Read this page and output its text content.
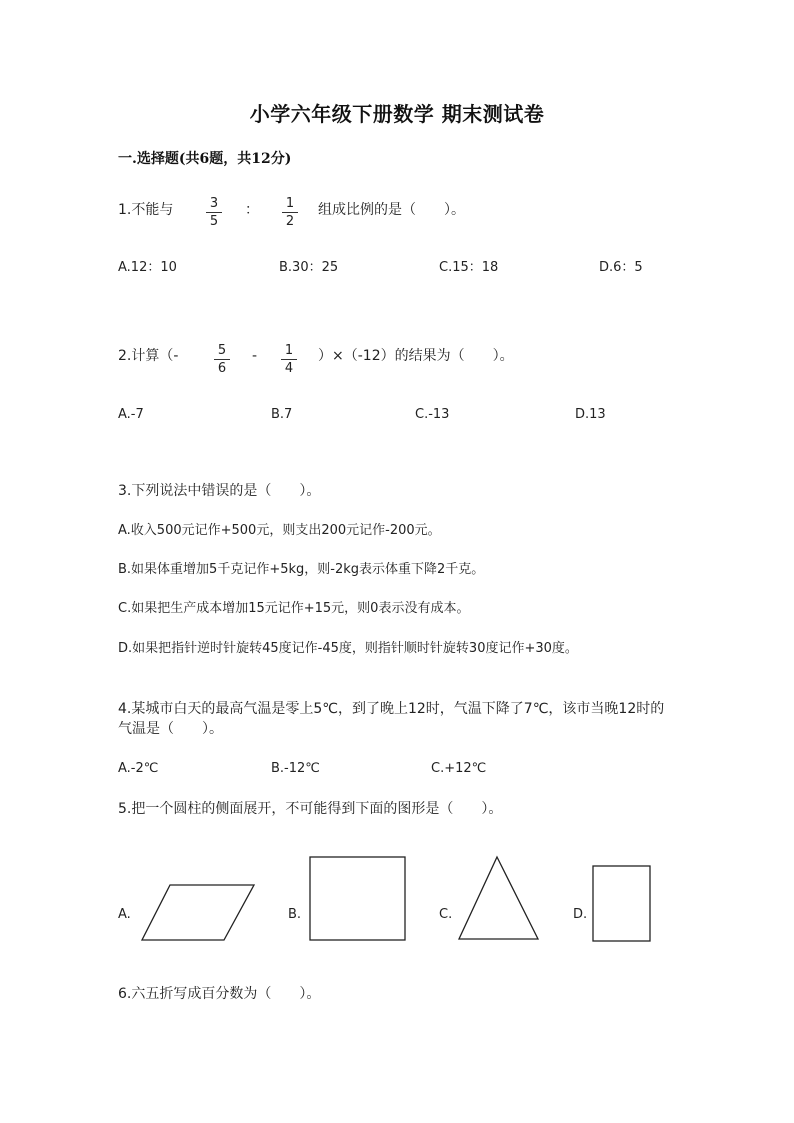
小学六年级下册数学 期末测试卷
一.选择题(共6题，共12分)
1.不能与	3
5
：	1
2
组成比例的是（　　）。
A.12：10	B.30：25	C.15：18	D.6：5
2.计算（-	5
6
-	1
4
）×（-12）的结果为（　　）。
A.-7	B.7	C.-13	D.13
3.下列说法中错误的是（　　）。
A.收入500元记作+500元，则支出200元记作-200元。
B.如果体重增加5千克记作+5kg，则-2kg表示体重下降2千克。
C.如果把生产成本增加15元记作+15元，则0表示没有成本。
D.如果把指针逆时针旋转45度记作-45度，则指针顺时针旋转30度记作+30度。
4.某城市白天的最高气温是零上5℃，到了晚上12时，气温下降了7℃，该市当晚12时的气温是（　　）。
A.-2℃	B.-12℃	C.+12℃
5.把一个圆柱的侧面展开，不可能得到下面的图形是（　　）。
A.	B.	C.	D.
6.六五折写成百分数为（　　）。
